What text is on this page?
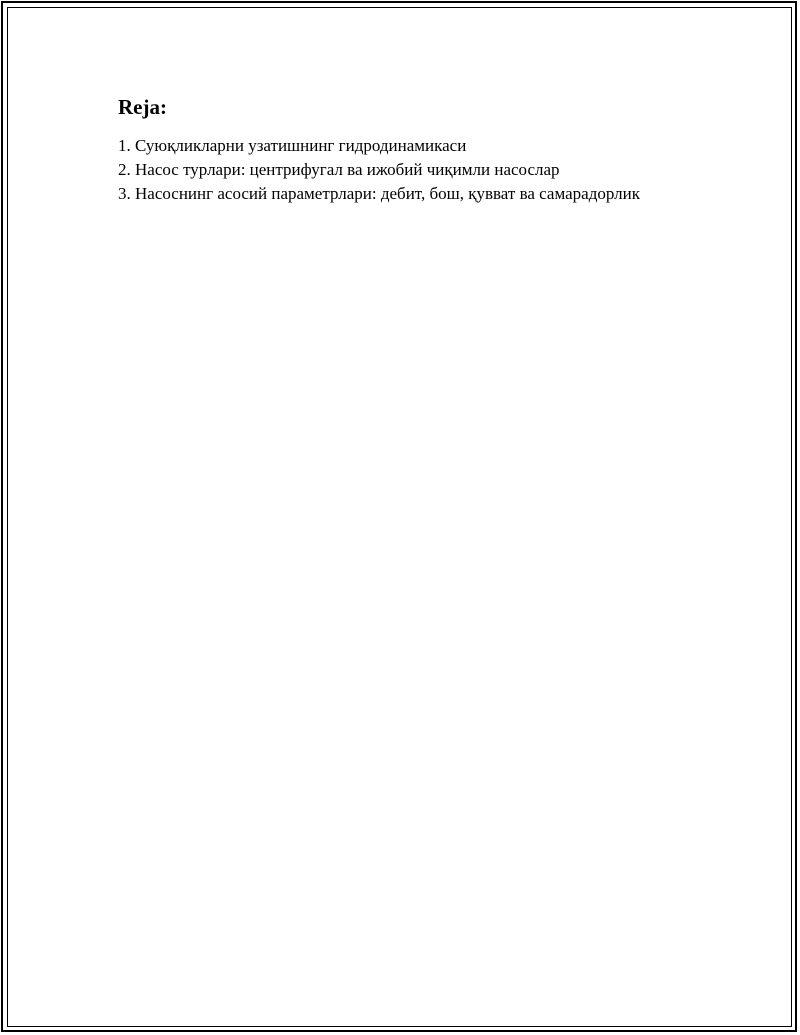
Reja:
1. Суюқликларни узатишнинг гидродинамикаси
2. Насос турлари: центрифугал ва ижобий чиқимли насослар
3. Насоснинг асосий параметрлари: дебит, бош, қувват ва самарадорлик
